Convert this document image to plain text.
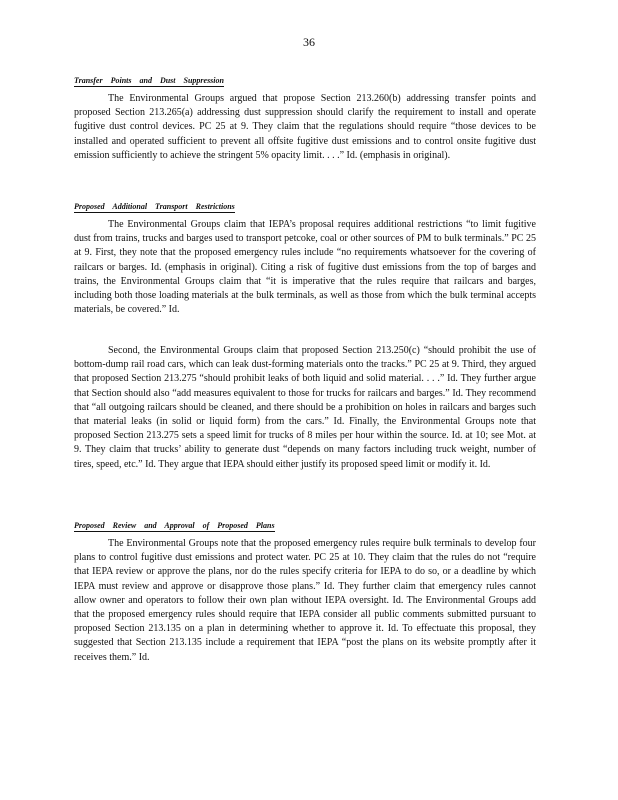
36
Transfer Points and Dust Suppression

The Environmental Groups argued that propose Section 213.260(b) addressing transfer points and proposed Section 213.265(a) addressing dust suppression should clarify the requirement to install and operate fugitive dust control devices. PC 25 at 9. They claim that the regulations should require “those devices to be installed and operated sufficient to prevent all offsite fugitive dust emissions and to control onsite fugitive dust emission sufficiently to achieve the stringent 5% opacity limit. . . .” Id. (emphasis in original).

Proposed Additional Transport Restrictions

The Environmental Groups claim that IEPA’s proposal requires additional restrictions “to limit fugitive dust from trains, trucks and barges used to transport petcoke, coal or other sources of PM to bulk terminals.” PC 25 at 9. First, they note that the proposed emergency rules include “no requirements whatsoever for the covering of railcars or barges. Id. (emphasis in original). Citing a risk of fugitive dust emissions from the top of barges and trains, the Environmental Groups claim that “it is imperative that the rules require that railcars and barges, including both those loading materials at the bulk terminals, as well as those from which the bulk terminal accepts materials, be covered.” Id.

Second, the Environmental Groups claim that proposed Section 213.250(c) “should prohibit the use of bottom-dump rail road cars, which can leak dust-forming materials onto the tracks.” PC 25 at 9. Third, they argued that proposed Section 213.275 “should prohibit leaks of both liquid and solid material. . . .” Id. They further argue that Section should also “add measures equivalent to those for trucks for railcars and barges.” Id. They recommend that “all outgoing railcars should be cleaned, and there should be a prohibition on holes in railcars and barges such that material leaks (in solid or liquid form) from the cars.” Id. Finally, the Environmental Groups note that proposed Section 213.275 sets a speed limit for trucks of 8 miles per hour within the source. Id. at 10; see Mot. at 9. They claim that trucks’ ability to generate dust “depends on many factors including truck weight, number of tires, speed, etc.” Id. They argue that IEPA should either justify its proposed speed limit or modify it. Id.

Proposed Review and Approval of Proposed Plans

The Environmental Groups note that the proposed emergency rules require bulk terminals to develop four plans to control fugitive dust emissions and protect water. PC 25 at 10. They claim that the rules do not “require that IEPA review or approve the plans, nor do the rules specify criteria for IEPA to do so, or a deadline by which IEPA must review and approve or disapprove those plans.” Id. They further claim that emergency rules cannot allow owner and operators to follow their own plan without IEPA oversight. Id. The Environmental Groups add that the proposed emergency rules should require that IEPA consider all public comments submitted pursuant to proposed Section 213.135 on a plan in determining whether to approve it. Id. To effectuate this proposal, they suggested that Section 213.135 include a requirement that IEPA “post the plans on its website promptly after it receives them.” Id.
